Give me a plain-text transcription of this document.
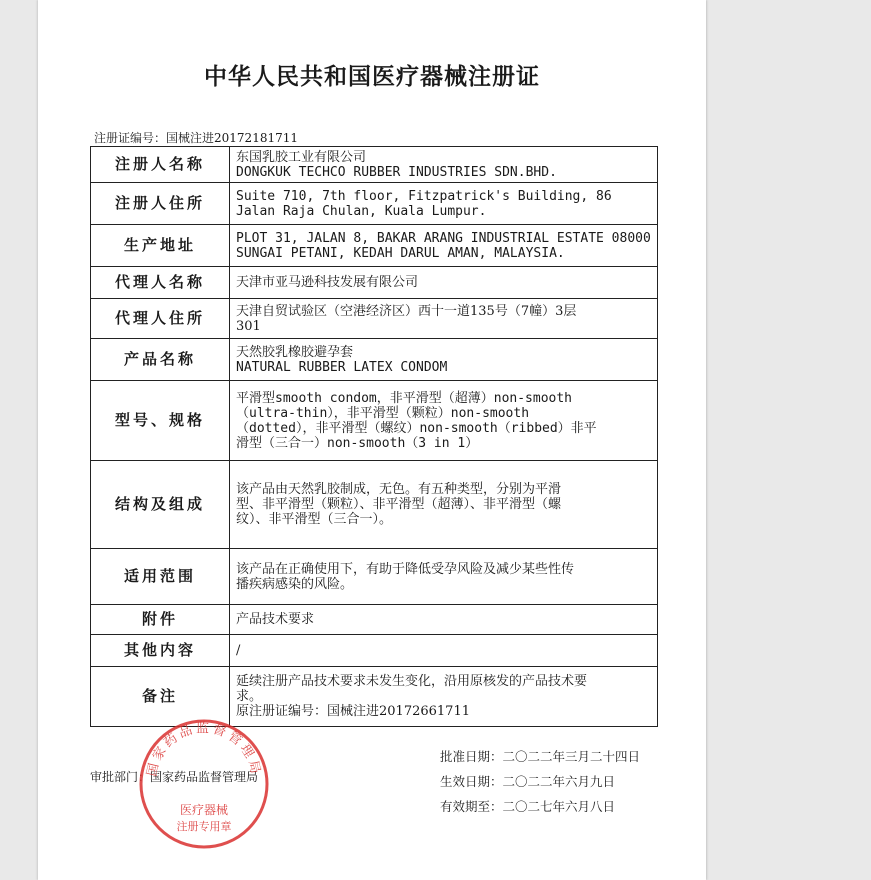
中华人民共和国医疗器械注册证
注册证编号：国械注进20172181711
注册人名称	东国乳胶工业有限公司
DONGKUK TECHCO RUBBER INDUSTRIES SDN.BHD.
注册人住所	Suite 710, 7th floor, Fitzpatrick's Building, 86
Jalan Raja Chulan, Kuala Lumpur.
生产地址	PLOT 31, JALAN 8, BAKAR ARANG INDUSTRIAL ESTATE 08000
SUNGAI PETANI, KEDAH DARUL AMAN, MALAYSIA.
代理人名称	天津市亚马逊科技发展有限公司
代理人住所	天津自贸试验区（空港经济区）西十一道135号（7幢）3层
301
产品名称	天然胶乳橡胶避孕套
NATURAL RUBBER LATEX CONDOM
型号、规格	平滑型smooth condom，非平滑型（超薄）non-smooth
（ultra-thin），非平滑型（颗粒）non-smooth
（dotted），非平滑型（螺纹）non-smooth（ribbed）非平
滑型（三合一）non-smooth（3 in 1）
结构及组成	该产品由天然乳胶制成，无色。有五种类型，分别为平滑
型、非平滑型（颗粒）、非平滑型（超薄）、非平滑型（螺
纹）、非平滑型（三合一）。
适用范围	该产品在正确使用下，有助于降低受孕风险及减少某些性传
播疾病感染的风险。
附件	产品技术要求
其他内容	/
备注	延续注册产品技术要求未发生变化，沿用原核发的产品技术要
求。
原注册证编号：国械注进20172661711
审批部门：国家药品监督管理局
批准日期：二〇二二年三月二十四日
生效日期：二〇二二年六月九日
有效期至：二〇二七年六月八日
国家药品监督管理局
医疗器械
注册专用章
